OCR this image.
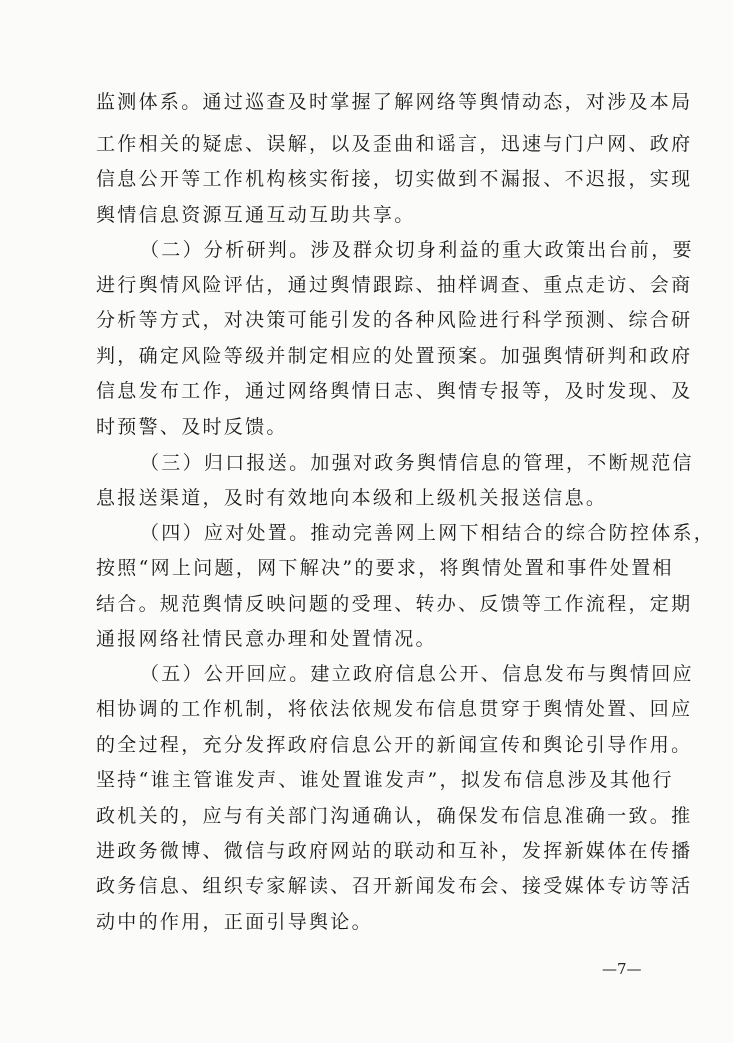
监测体系。通过巡查及时掌握了解网络等舆情动态，对涉及本局
工作相关的疑虑、误解，以及歪曲和谣言，迅速与门户网、政府
信息公开等工作机构核实衔接，切实做到不漏报、不迟报，实现
舆情信息资源互通互动互助共享。
（二）分析研判。涉及群众切身利益的重大政策出台前，要
进行舆情风险评估，通过舆情跟踪、抽样调查、重点走访、会商
分析等方式，对决策可能引发的各种风险进行科学预测、综合研
判，确定风险等级并制定相应的处置预案。加强舆情研判和政府
信息发布工作，通过网络舆情日志、舆情专报等，及时发现、及
时预警、及时反馈。
（三）归口报送。加强对政务舆情信息的管理，不断规范信
息报送渠道，及时有效地向本级和上级机关报送信息。
（四）应对处置。推动完善网上网下相结合的综合防控体系，
按照“网上问题，网下解决”的要求，将舆情处置和事件处置相
结合。规范舆情反映问题的受理、转办、反馈等工作流程，定期
通报网络社情民意办理和处置情况。
（五）公开回应。建立政府信息公开、信息发布与舆情回应
相协调的工作机制，将依法依规发布信息贯穿于舆情处置、回应
的全过程，充分发挥政府信息公开的新闻宣传和舆论引导作用。
坚持“谁主管谁发声、谁处置谁发声”，拟发布信息涉及其他行
政机关的，应与有关部门沟通确认，确保发布信息准确一致。推
进政务微博、微信与政府网站的联动和互补，发挥新媒体在传播
政务信息、组织专家解读、召开新闻发布会、接受媒体专访等活
动中的作用，正面引导舆论。
—7—
